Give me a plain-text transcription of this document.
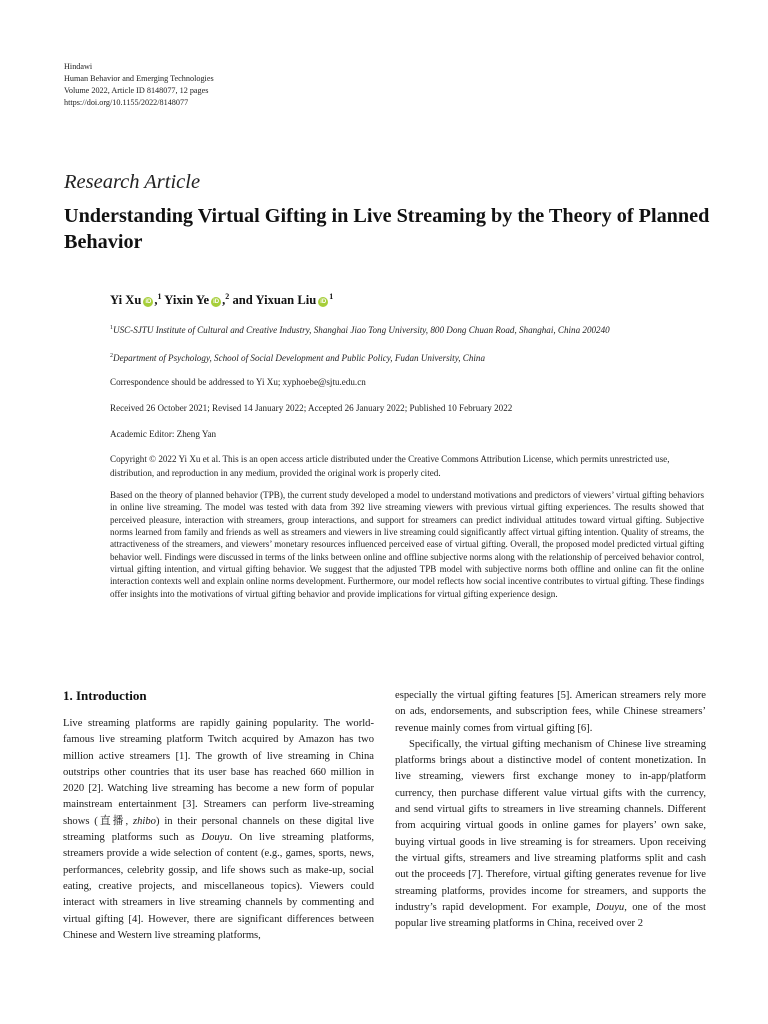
Hindawi
Human Behavior and Emerging Technologies
Volume 2022, Article ID 8148077, 12 pages
https://doi.org/10.1155/2022/8148077
Research Article
Understanding Virtual Gifting in Live Streaming by the Theory of Planned Behavior
Yi Xu iD ,$^1$ Yixin Ye iD ,$^2$ and Yixuan Liu $iD^1$
$^1$USC-SJTU Institute of Cultural and Creative Industry, Shanghai Jiao Tong University, 800 Dong Chuan Road, Shanghai, China 200240
$^2$Department of Psychology, School of Social Development and Public Policy, Fudan University, China
Correspondence should be addressed to Yi Xu; xyphoebe@sjtu.edu.cn
Received 26 October 2021; Revised 14 January 2022; Accepted 26 January 2022; Published 10 February 2022
Academic Editor: Zheng Yan
Copyright © 2022 Yi Xu et al. This is an open access article distributed under the Creative Commons Attribution License, which permits unrestricted use, distribution, and reproduction in any medium, provided the original work is properly cited.

Based on the theory of planned behavior (TPB), the current study developed a model to understand motivations and predictors of viewers’ virtual gifting behaviors in online live streaming. The model was tested with data from 392 live streaming viewers with previous virtual gifting experiences. The results showed that perceived pleasure, interaction with streamers, group interactions, and support for streamers can predict individual attitudes toward virtual gifting. Subjective norms learned from family and friends as well as streamers and viewers in live streaming could significantly affect virtual gifting intention. Quality of streams, the attractiveness of the streamers, and viewers’ monetary resources influenced perceived ease of virtual gifting. Overall, the proposed model predicted virtual gifting behavior well. Findings were discussed in terms of the links between online and offline subjective norms along with the relationship of perceived behavior control, virtual gifting intention, and virtual gifting behavior. We suggest that the adjusted TPB model with subjective norms both offline and online can fit the online interaction contexts well and explain online norms development. Furthermore, our model reflects how social incentive contributes to virtual gifting. These findings offer insights into the motivations of virtual gifting behavior and provide implications for virtual gifting experience design.

1. Introduction

Live streaming platforms are rapidly gaining popularity. The world-famous live streaming platform Twitch acquired by Amazon has two million active streamers [1]. The growth of live streaming in China outstrips other countries that its user base has reached 660 million in 2020 [2]. Watching live streaming has become a new form of popular mainstream entertainment [3]. Streamers can perform live-streaming shows (直播, zhibo) in their personal channels on these digital live streaming platforms such as Douyu. On live streaming platforms, streamers provide a wide selection of content (e.g., games, sports, news, performances, celebrity gossip, and life shows such as make-up, social eating, creative projects, and miscellaneous topics). Viewers could interact with streamers in live streaming channels by commenting and virtual gifting [4]. However, there are significant differences between Chinese and Western live streaming platforms,

especially the virtual gifting features [5]. American streamers rely more on ads, endorsements, and subscription fees, while Chinese streamers’ revenue mainly comes from virtual gifting [6].

Specifically, the virtual gifting mechanism of Chinese live streaming platforms brings about a distinctive model of content monetization. In live streaming, viewers first exchange money to in-app/platform currency, then purchase different value virtual gifts with the currency, and send virtual gifts to streamers in live streaming channels. Different from acquiring virtual goods in online games for players’ own sake, buying virtual goods in live streaming is for streamers. Upon receiving the virtual gifts, streamers and live streaming platforms split and cash out the proceeds [7]. Therefore, virtual gifting generates revenue for live streaming platforms, provides income for streamers, and supports the industry’s rapid development. For example, Douyu, one of the most popular live streaming platforms in China, received over 2
